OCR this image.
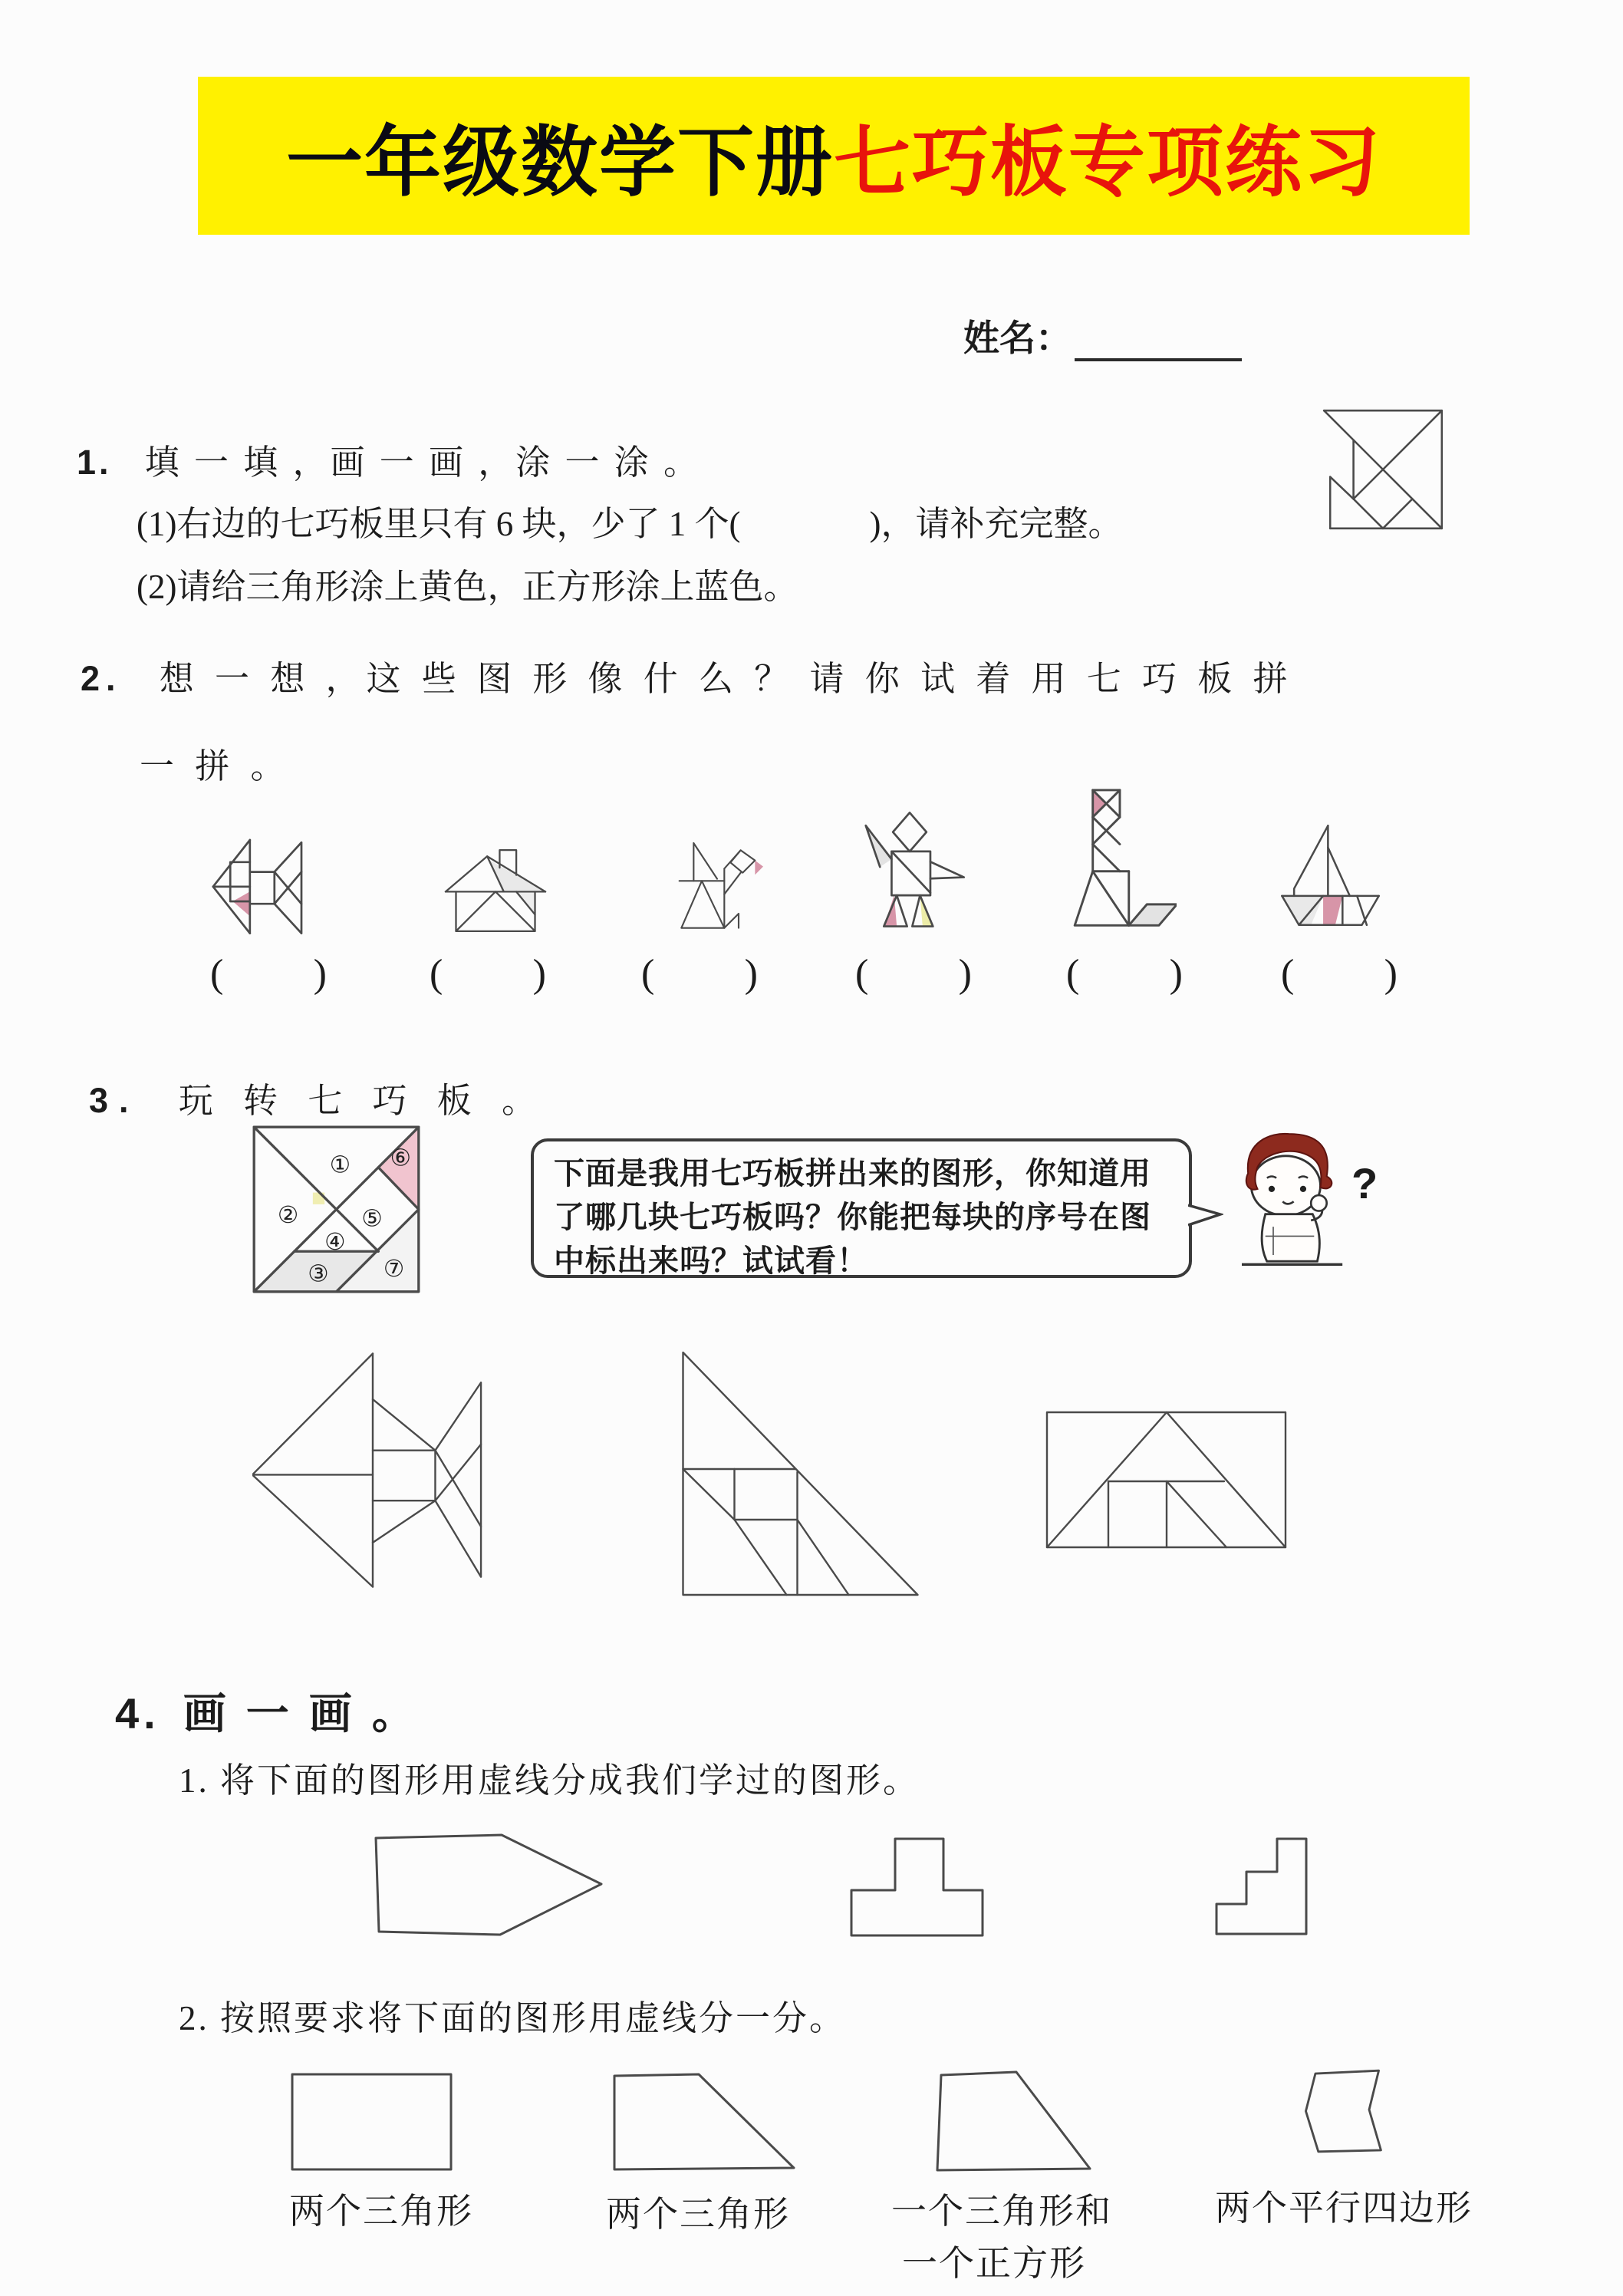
一年级数学下册 七巧板专项练习
姓名：
1. 填 一 填 ，画 一 画 ，涂 一 涂 。
(1)右边的七巧板里只有 6 块，少了 1 个(	)，请补充完整。
(2)请给三角形涂上黄色，正方形涂上蓝色。
2. 想 一 想 ，这 些 图 形 像 什 么 ？ 请 你 试 着 用 七 巧 板 拼
一 拼 。
( )	( ) ( ) ( ) ( ) ( )
3. 玩 转 七 巧 板 。
①
②
③
④
⑤
⑥
⑦
下面是我用七巧板拼出来的图形，你知道用
了哪几块七巧板吗？你能把每块的序号在图
中标出来吗？试试看！
?
4. 画 一 画 。
1. 将下面的图形用虚线分成我们学过的图形。
2. 按照要求将下面的图形用虚线分一分。
两个三角形	两个三角形	一个三角形和
一个正方形
两个平行四边形
